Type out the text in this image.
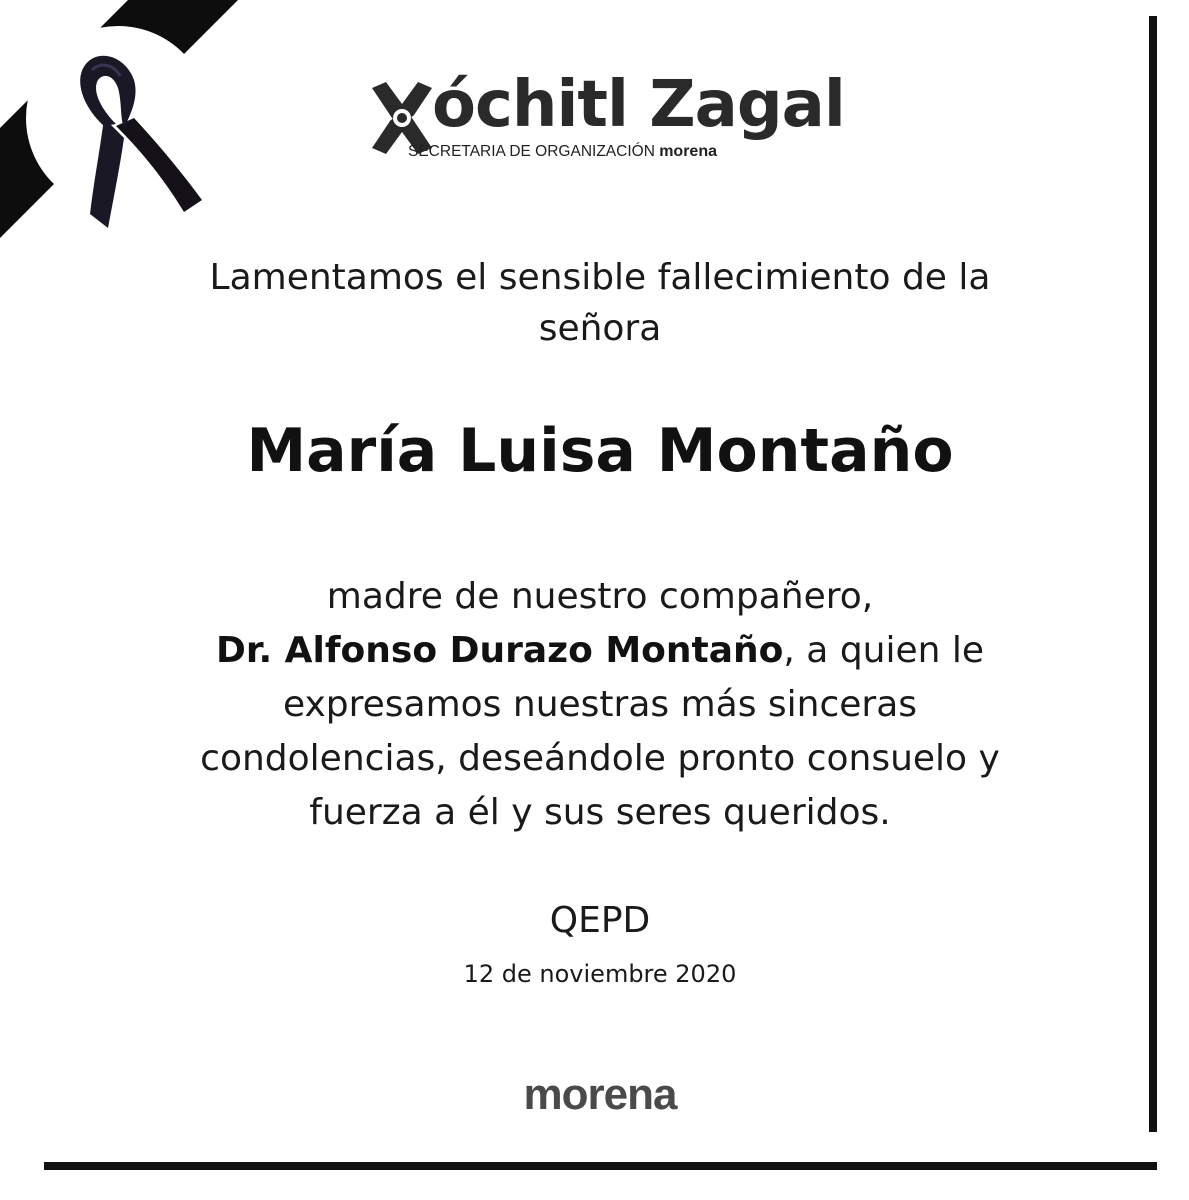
óchitl Zagal
SECRETARIA DE ORGANIZACIÓN morena
Lamentamos el sensible fallecimiento de la
señora
María Luisa Montaño
madre de nuestro compañero,
Dr. Alfonso Durazo Montaño, a quien le
expresamos nuestras más sinceras
condolencias, deseándole pronto consuelo y
fuerza a él y sus seres queridos.
QEPD
12 de noviembre 2020
morena
